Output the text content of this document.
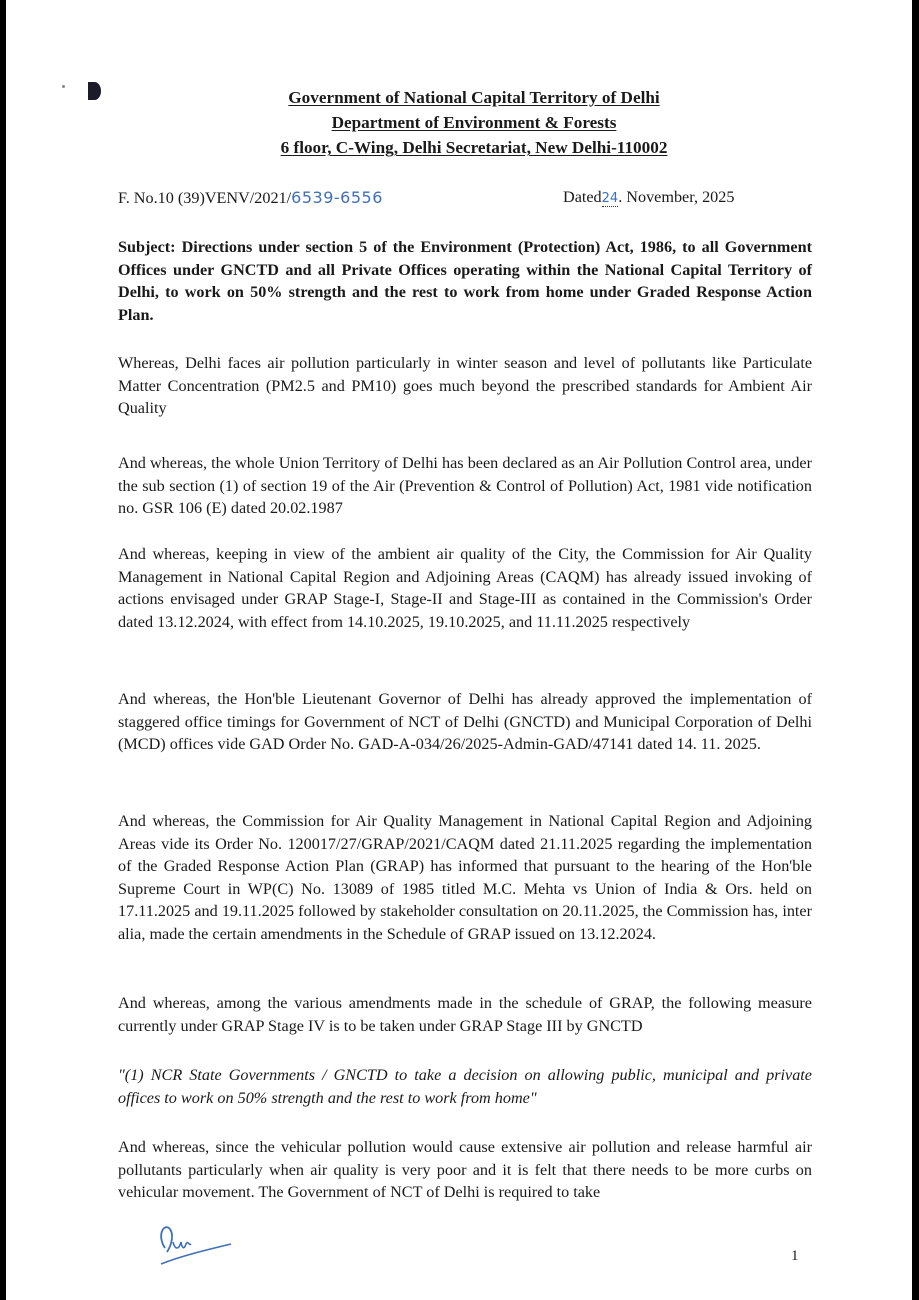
Government of National Capital Territory of Delhi
Department of Environment & Forests
6 floor, C-Wing, Delhi Secretariat, New Delhi-110002
F. No.10 (39)VENV/2021/6539-6556	Dated24. November, 2025
Subject: Directions under section 5 of the Environment (Protection) Act, 1986, to all Government Offices under GNCTD and all Private Offices operating within the National Capital Territory of Delhi, to work on 50% strength and the rest to work from home under Graded Response Action Plan.
Whereas, Delhi faces air pollution particularly in winter season and level of pollutants like Particulate Matter Concentration (PM2.5 and PM10) goes much beyond the prescribed standards for Ambient Air Quality
And whereas, the whole Union Territory of Delhi has been declared as an Air Pollution Control area, under the sub section (1) of section 19 of the Air (Prevention & Control of Pollution) Act, 1981 vide notification no. GSR 106 (E) dated 20.02.1987
And whereas, keeping in view of the ambient air quality of the City, the Commission for Air Quality Management in National Capital Region and Adjoining Areas (CAQM) has already issued invoking of actions envisaged under GRAP Stage-I, Stage-II and Stage-III as contained in the Commission's Order dated 13.12.2024, with effect from 14.10.2025, 19.10.2025, and 11.11.2025 respectively
And whereas, the Hon'ble Lieutenant Governor of Delhi has already approved the implementation of staggered office timings for Government of NCT of Delhi (GNCTD) and Municipal Corporation of Delhi (MCD) offices vide GAD Order No. GAD-A-034/26/2025-Admin-GAD/47141 dated 14. 11. 2025.
And whereas, the Commission for Air Quality Management in National Capital Region and Adjoining Areas vide its Order No. 120017/27/GRAP/2021/CAQM dated 21.11.2025 regarding the implementation of the Graded Response Action Plan (GRAP) has informed that pursuant to the hearing of the Hon'ble Supreme Court in WP(C) No. 13089 of 1985 titled M.C. Mehta vs Union of India & Ors. held on 17.11.2025 and 19.11.2025 followed by stakeholder consultation on 20.11.2025, the Commission has, inter alia, made the certain amendments in the Schedule of GRAP issued on 13.12.2024.
And whereas, among the various amendments made in the schedule of GRAP, the following measure currently under GRAP Stage IV is to be taken under GRAP Stage III by GNCTD
"(1) NCR State Governments / GNCTD to take a decision on allowing public, municipal and private offices to work on 50% strength and the rest to work from home"
And whereas, since the vehicular pollution would cause extensive air pollution and release harmful air pollutants particularly when air quality is very poor and it is felt that there needs to be more curbs on vehicular movement. The Government of NCT of Delhi is required to take
1
